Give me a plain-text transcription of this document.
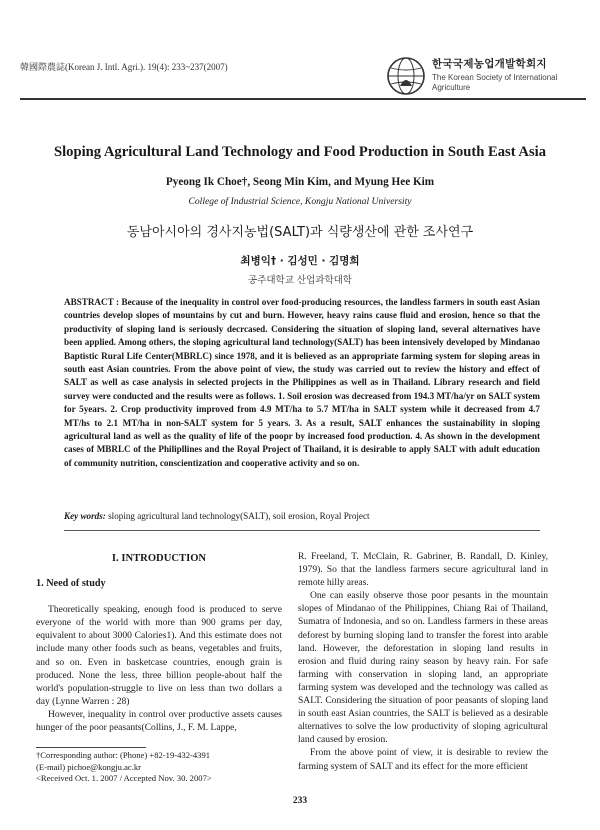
韓國際農誌(Korean J. Intl. Agri.). 19(4): 233~237(2007)	한국국제농업개발학회지
The Korean Society of International
Agriculture
Sloping Agricultural Land Technology and Food Production in South East Asia
Pyeong Ik Choe†, Seong Min Kim, and Myung Hee Kim
College of Industrial Science, Kongju National University
동남아시아의 경사지농법(SALT)과 식량생산에 관한 조사연구
최병익† · 김성민 · 김명희
공주대학교 산업과학대학
ABSTRACT : Because of the inequality in control over food-producing resources, the landless farmers in south east Asian countries develop slopes of mountains by cut and burn. However, heavy rains cause fluid and erosion, hence so that the productivity of sloping land is seriously decrcased. Considering the situation of sloping land, several alternatives have been applied. Among others, the sloping agricultural land technology(SALT) has been intensively developed by Mindanao Baptistic Rural Life Center(MBRLC) since 1978, and it is believed as an appropriate farming system for sloping areas in south east Asian countries. From the above point of view, the study was carried out to review the history and effect of SALT as well as case analysis in selected projects in the Philippines as well as in Thailand. Library research and field survey were conducted and the results were as follows. 1. Soil erosion was decreased from 194.3 MT/ha/yr on SALT system for 5years. 2. Crop productivity improved from 4.9 MT/ha to 5.7 MT/ha in SALT system while it decreased from 4.7 MT/hs to 2.1 MT/ha in non-SALT system for 5 years. 3. As a result, SALT enhances the sustainability in sloping agricultural land as well as the quality of life of the poopr by increased food production. 4. As shown in the development cases of MBRLC of the Philipllines and the Royal Project of Thailand, it is desirable to apply SALT with adult education of community nutrition, conscientization and cooperative activity and so on.
Key words: sloping agricultural land technology(SALT), soil erosion, Royal Project
I. INTRODUCTION
1. Need of study

Theoretically speaking, enough food is produced to serve everyone of the world with more than 900 grams per day, equivalent to about 3000 Calories1). And this estimate does not include many other foods such as beans, vegetables and fruits, and so on. Even in basketcase countries, enough grain is produced. None the less, three billion people-about half the world's population-struggle to live on less than two dollars a day (Lynne Warren : 28)

However, inequality in control over productive assets causes hunger of the poor peasants(Collins, J., F. M. Lappe,

R. Freeland, T. McClain, R. Gabriner, B. Randall, D. Kinley, 1979). So that the landless farmers secure agricultural land in remote hilly areas.

One can easily observe those poor pesants in the mountain slopes of Mindanao of the Philippines, Chiang Rai of Thailand, Sumatra of Indonesia, and so on. Landless farmers in these areas deforest by burning sloping land to transfer the forest into arable land. However, the deforestation in sloping land results in erosion and fluid during rainy season by heavy rain. For safe farming with conservation in sloping land, an appropriate farming system was developed and the technology was called as SALT. Considering the situation of poor peasants of sloping land in south east Asian countries, the SALT is believed as a desirable alternatives to solve the low productivity of sloping agricultural land caused by erosion.

From the above point of view, it is desirable to review the farming system of SALT and its effect for the more efficient

†Corresponding author: (Phone) +82-19-432-4391
(E-mail) pichoe@kongju.ac.kr
<Received Oct. 1. 2007 / Accepted Nov. 30. 2007>
233
